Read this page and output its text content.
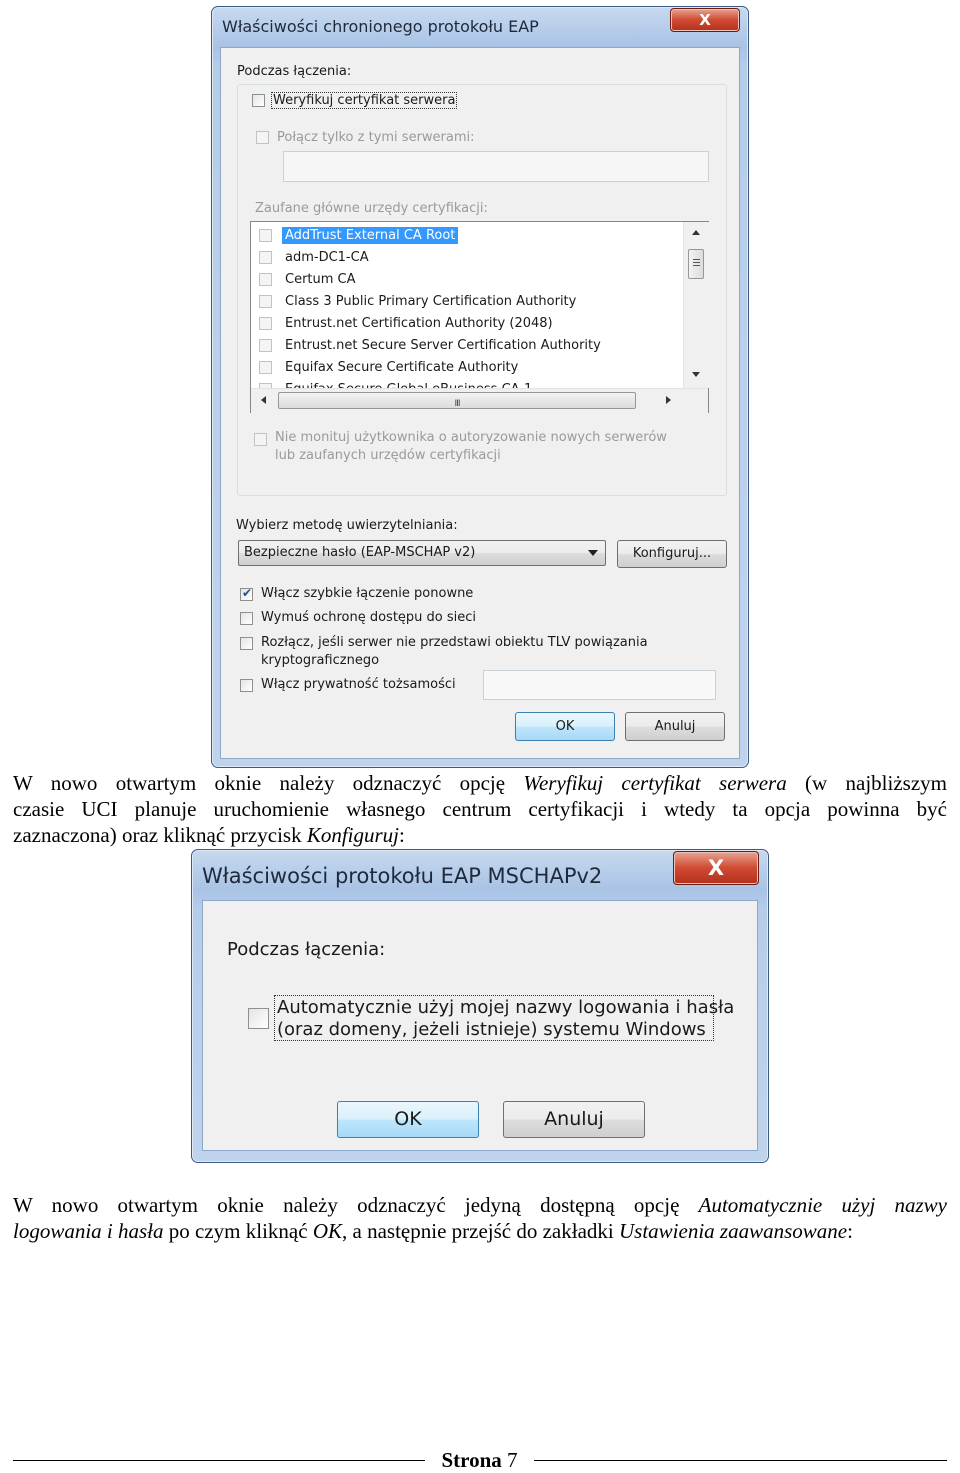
Właściwości chronionego protokołu EAP	X
Podczas łączenia:
Weryfikuj certyfikat serwera
Połącz tylko z tymi serwerami:
Zaufane główne urzędy certyfikacji:
AddTrust External CA Root
adm-DC1-CA
Certum CA
Class 3 Public Primary Certification Authority
Entrust.net Certification Authority (2048)
Entrust.net Secure Server Certification Authority
Equifax Secure Certificate Authority
III
Nie monituj użytkownika o autoryzowanie nowych serwerów
lub zaufanych urzędów certyfikacji
Wybierz metodę uwierzytelniania:
Bezpieczne hasło (EAP-MSCHAP v2)	Konfiguruj...
✔ Włącz szybkie łączenie ponowne
Wymuś ochronę dostępu do sieci
Rozłącz, jeśli serwer nie przedstawi obiektu TLV powiązania
kryptograficznego
Włącz prywatność tożsamości
OK	Anuluj
W nowo otwartym oknie należy odznaczyć opcję Weryfikuj certyfikat serwera (w najbliższym
czasie UCI planuje uruchomienie własnego centrum certyfikacji i wtedy ta opcja powinna być
zaznaczona) oraz kliknąć przycisk Konfiguruj:
Właściwości protokołu EAP MSCHAPv2	X
Podczas łączenia:
Automatycznie użyj mojej nazwy logowania i hasła
(oraz domeny, jeżeli istnieje) systemu Windows
OK	Anuluj
W nowo otwartym oknie należy odznaczyć jedyną dostępną opcję Automatycznie użyj nazwy
logowania i hasła po czym kliknąć OK, a następnie przejść do zakładki Ustawienia zaawansowane:
Strona 7
